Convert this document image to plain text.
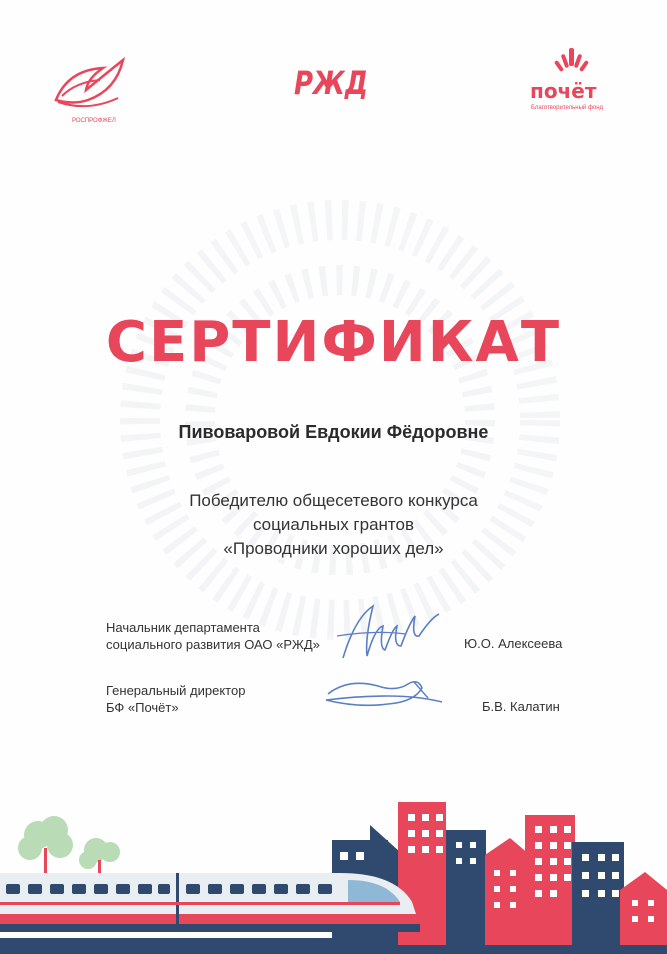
РОСПРОФЖЕЛ
РЖД	почёт
Благотворительный фонд
СЕРТИФИКАТ
Пивоваровой Евдокии Фёдоровне
Победителю общесетевого конкурса
социальных грантов
«Проводники хороших дел»
Начальник департамента
социального развития ОАО «РЖД»	Ю.О. Алексеева
Генеральный директор
БФ «Почёт»	Б.В. Калатин
